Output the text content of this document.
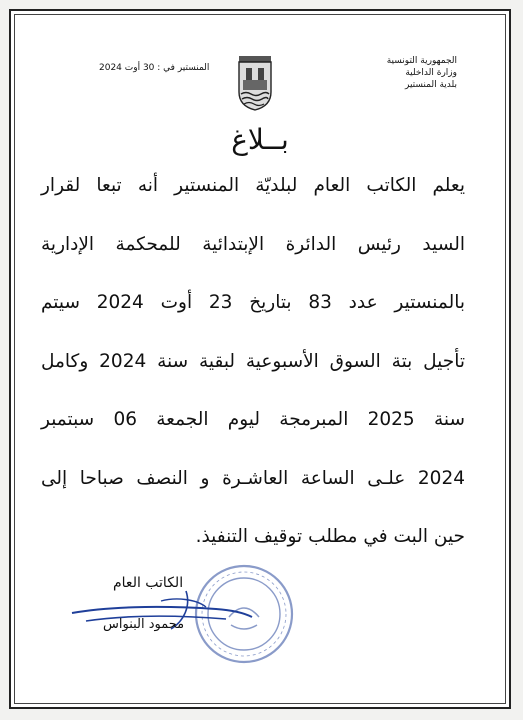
الجمهورية التونسية
وزارة الداخلية
بلدية المنستير
المنستير في : 30 أوت 2024
بــلاغ
يعلم الكاتب العام لبلديّة المنستير أنه تبعا لقرار
السيد رئيس الدائرة الإبتدائية للمحكمة الإدارية
بالمنستير عدد 83 بتاريخ 23 أوت 2024 سيتم
تأجيل بتة السوق الأسبوعية لبقية سنة 2024 وكامل
سنة 2025 المبرمجة ليوم الجمعة 06 سبتمبر
2024 علـى الساعة العاشـرة و النصف صباحا إلى
حين البت في مطلب توقيف التنفيذ.
الكاتب العام
محمود البنواس
